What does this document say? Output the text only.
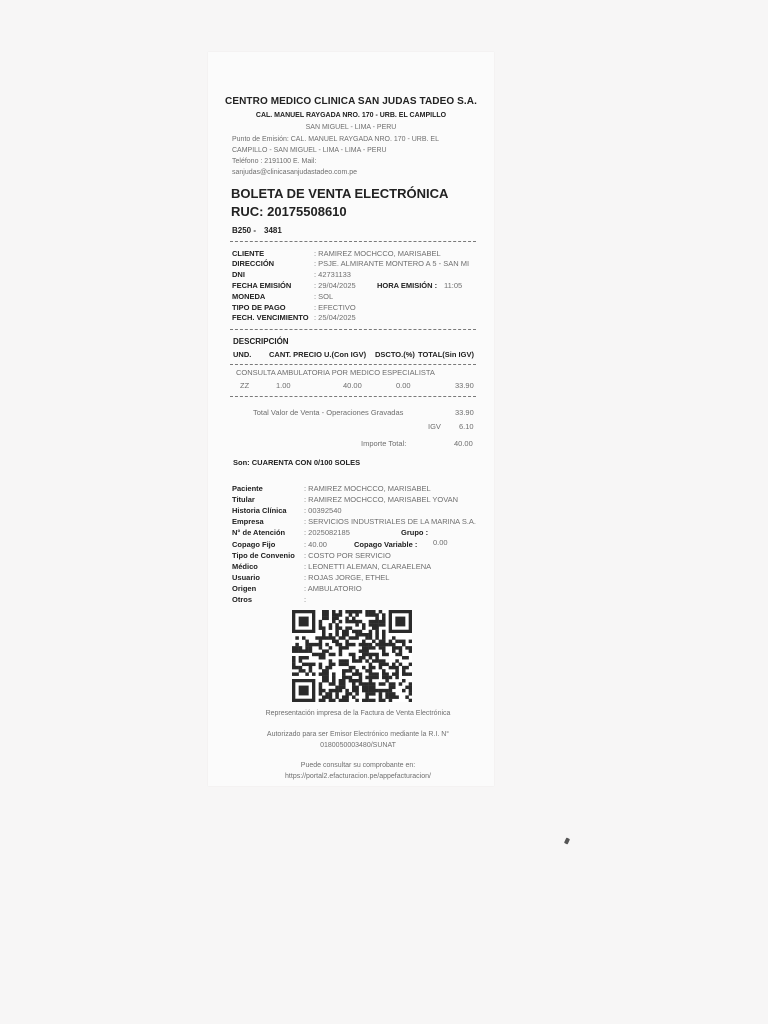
CENTRO MEDICO CLINICA SAN JUDAS TADEO S.A.
CAL. MANUEL RAYGADA NRO. 170 - URB. EL CAMPILLO
SAN MIGUEL - LIMA - PERU
Punto de Emisión: CAL. MANUEL RAYGADA NRO. 170 - URB. EL
CAMPILLO - SAN MIGUEL - LIMA - LIMA - PERU
Teléfono : 2191100 E. Mail:
sanjudas@clinicasanjudastadeo.com.pe
BOLETA DE VENTA ELECTRÓNICA
RUC: 20175508610
B250 - 3481
CLIENTE	: RAMIREZ MOCHCCO, MARISABEL
DIRECCIÓN	: PSJE. ALMIRANTE MONTERO A 5 - SAN MI
DNI	: 42731133
FECHA EMISIÓN	: 29/04/2025	HORA EMISIÓN : 11:05
MONEDA	: SOL
TIPO DE PAGO	: EFECTIVO
FECH. VENCIMIENTO : 25/04/2025
DESCRIPCIÓN
UND. CANT. PRECIO U.(Con IGV) DSCTO.(%) TOTAL(Sin IGV)
CONSULTA AMBULATORIA POR MEDICO ESPECIALISTA
ZZ	1.00	40.00	0.00	33.90
Total Valor de Venta - Operaciones Gravadas	33.90
IGV 6.10
Importe Total:	40.00
Son: CUARENTA CON 0/100 SOLES
Paciente	: RAMIREZ MOCHCCO, MARISABEL
Titular	: RAMIREZ MOCHCCO, MARISABEL YOVAN
Historia Clínica : 00392540
Empresa	: SERVICIOS INDUSTRIALES DE LA MARINA S.A.
N° de Atención	: 2025082185	Grupo :
Copago Fijo	: 40.00	Copago Variable : 0.00
Tipo de Convenio : COSTO POR SERVICIO
Médico	: LEONETTI ALEMAN, CLARAELENA
Usuario	: ROJAS JORGE, ETHEL
Origen	: AMBULATORIO
Otros	:
Representación impresa de la Factura de Venta Electrónica
Autorizado para ser Emisor Electrónico mediante la R.I. N°
0180050003480/SUNAT
Puede consultar su comprobante en:
https://portal2.efacturacion.pe/appefacturacion/
